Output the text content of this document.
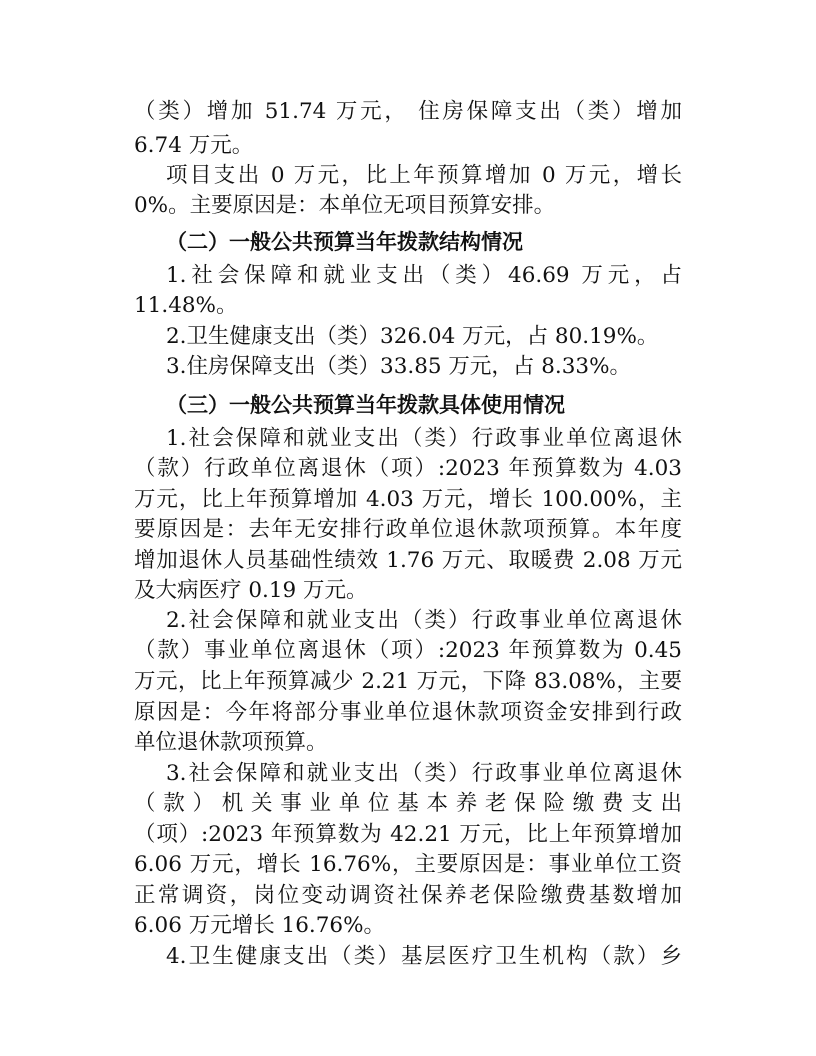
（类）增加 51.74 万元， 住房保障支出（类）增加
6.74 万元。
项目支出 0 万元，比上年预算增加 0 万元，增长
0%。主要原因是：本单位无项目预算安排。
（二）一般公共预算当年拨款结构情况
1.社会保障和就业支出（类）46.69 万元，占
11.48%。
2.卫生健康支出（类）326.04 万元，占 80.19%。
3.住房保障支出（类）33.85 万元，占 8.33%。
（三）一般公共预算当年拨款具体使用情况
1.社会保障和就业支出（类）行政事业单位离退休
（款）行政单位离退休（项）:2023 年预算数为 4.03
万元，比上年预算增加 4.03 万元，增长 100.00%，主
要原因是：去年无安排行政单位退休款项预算。本年度
增加退休人员基础性绩效 1.76 万元、取暖费 2.08 万元
及大病医疗 0.19 万元。
2.社会保障和就业支出（类）行政事业单位离退休
（款）事业单位离退休（项）:2023 年预算数为 0.45
万元，比上年预算减少 2.21 万元，下降 83.08%，主要
原因是：今年将部分事业单位退休款项资金安排到行政
单位退休款项预算。
3.社会保障和就业支出（类）行政事业单位离退休
（款）机关事业单位基本养老保险缴费支出
（项）:2023 年预算数为 42.21 万元，比上年预算增加
6.06 万元，增长 16.76%，主要原因是：事业单位工资
正常调资，岗位变动调资社保养老保险缴费基数增加
6.06 万元增长 16.76%。
4.卫生健康支出（类）基层医疗卫生机构（款）乡
